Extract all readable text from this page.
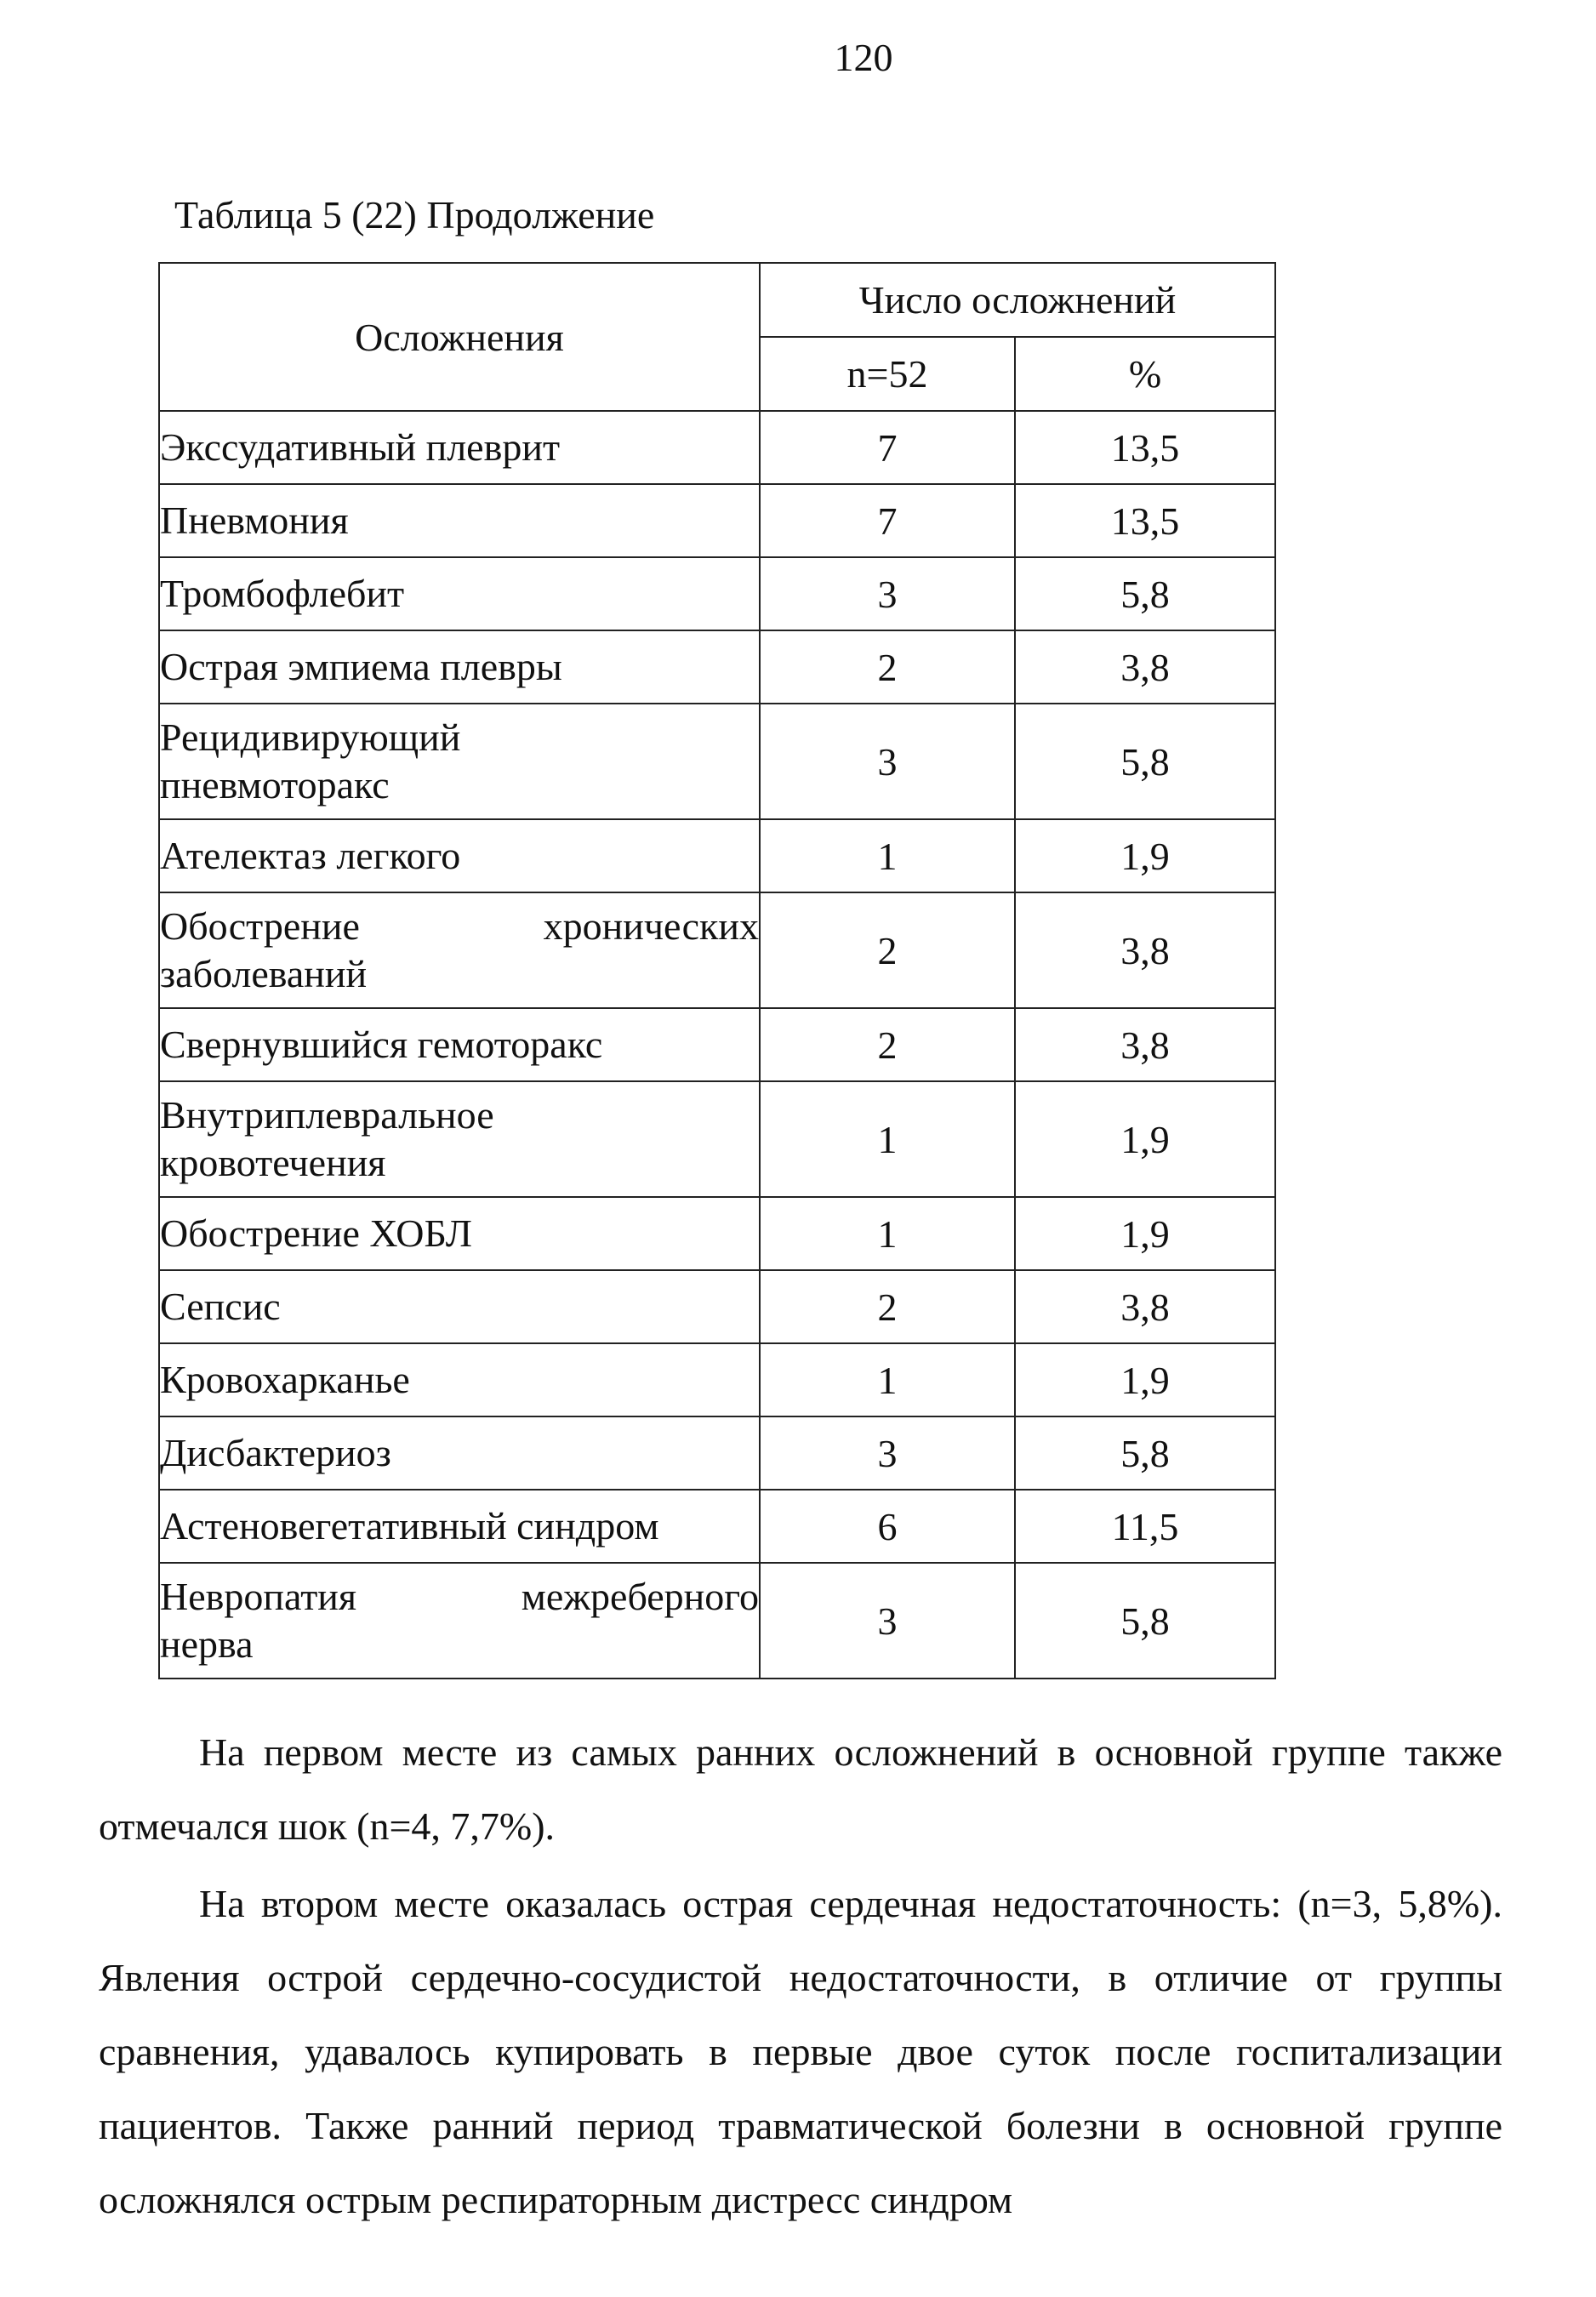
120
Таблица 5 (22) Продолжение
Осложнения	Число осложнений	
	n=52	%
Экссудативный плеврит	7	13,5
Пневмония	7	13,5
Тромбофлебит	3	5,8
Острая эмпиема плевры	2	3,8
Рецидивирующий
пневмоторакс	3	5,8
Ателектаз легкого	1	1,9
Обострение хронических
заболеваний	2	3,8
Свернувшийся гемоторакс	2	3,8
Внутриплевральное
кровотечения	1	1,9
Обострение ХОБЛ	1	1,9
Сепсис	2	3,8
Кровохарканье	1	1,9
Дисбактериоз	3	5,8
Астеновегетативный синдром	6	11,5
Невропатия межреберного
нерва	3	5,8

На первом месте из самых ранних осложнений в основной группе также отмечался шок (n=4, 7,7%).

На втором месте оказалась острая сердечная недостаточность: (n=3, 5,8%). Явления острой сердечно-сосудистой недостаточности, в отличие от группы сравнения, удавалось купировать в первые двое суток после госпитализации пациентов. Также ранний период травматической болезни в основной группе осложнялся острым респираторным дистресс синдром
